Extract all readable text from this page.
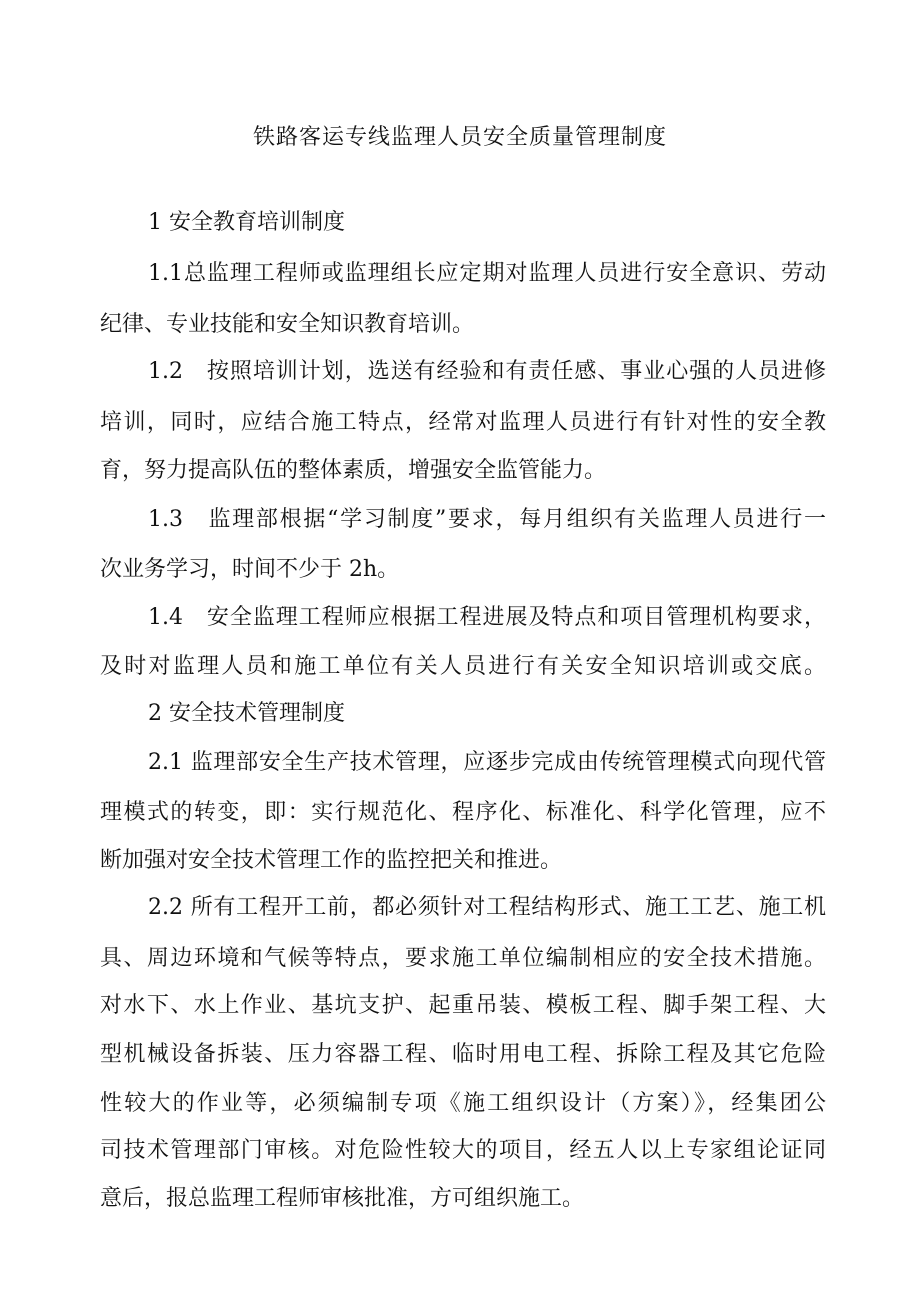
铁路客运专线监理人员安全质量管理制度
1 安全教育培训制度
1.1总监理工程师或监理组长应定期对监理人员进行安全意识、劳动
纪律、专业技能和安全知识教育培训。
1.2　按照培训计划，选送有经验和有责任感、事业心强的人员进修
培训，同时，应结合施工特点，经常对监理人员进行有针对性的安全教
育，努力提高队伍的整体素质，增强安全监管能力。
1.3　监理部根据“学习制度”要求，每月组织有关监理人员进行一
次业务学习，时间不少于 2h。
1.4　安全监理工程师应根据工程进展及特点和项目管理机构要求，
及时对监理人员和施工单位有关人员进行有关安全知识培训或交底。
2 安全技术管理制度
2.1 监理部安全生产技术管理，应逐步完成由传统管理模式向现代管
理模式的转变，即：实行规范化、程序化、标准化、科学化管理，应不
断加强对安全技术管理工作的监控把关和推进。
2.2 所有工程开工前，都必须针对工程结构形式、施工工艺、施工机
具、周边环境和气候等特点，要求施工单位编制相应的安全技术措施。
对水下、水上作业、基坑支护、起重吊装、模板工程、脚手架工程、大
型机械设备拆装、压力容器工程、临时用电工程、拆除工程及其它危险
性较大的作业等，必须编制专项《施工组织设计（方案）》，经集团公
司技术管理部门审核。对危险性较大的项目，经五人以上专家组论证同
意后，报总监理工程师审核批准，方可组织施工。
